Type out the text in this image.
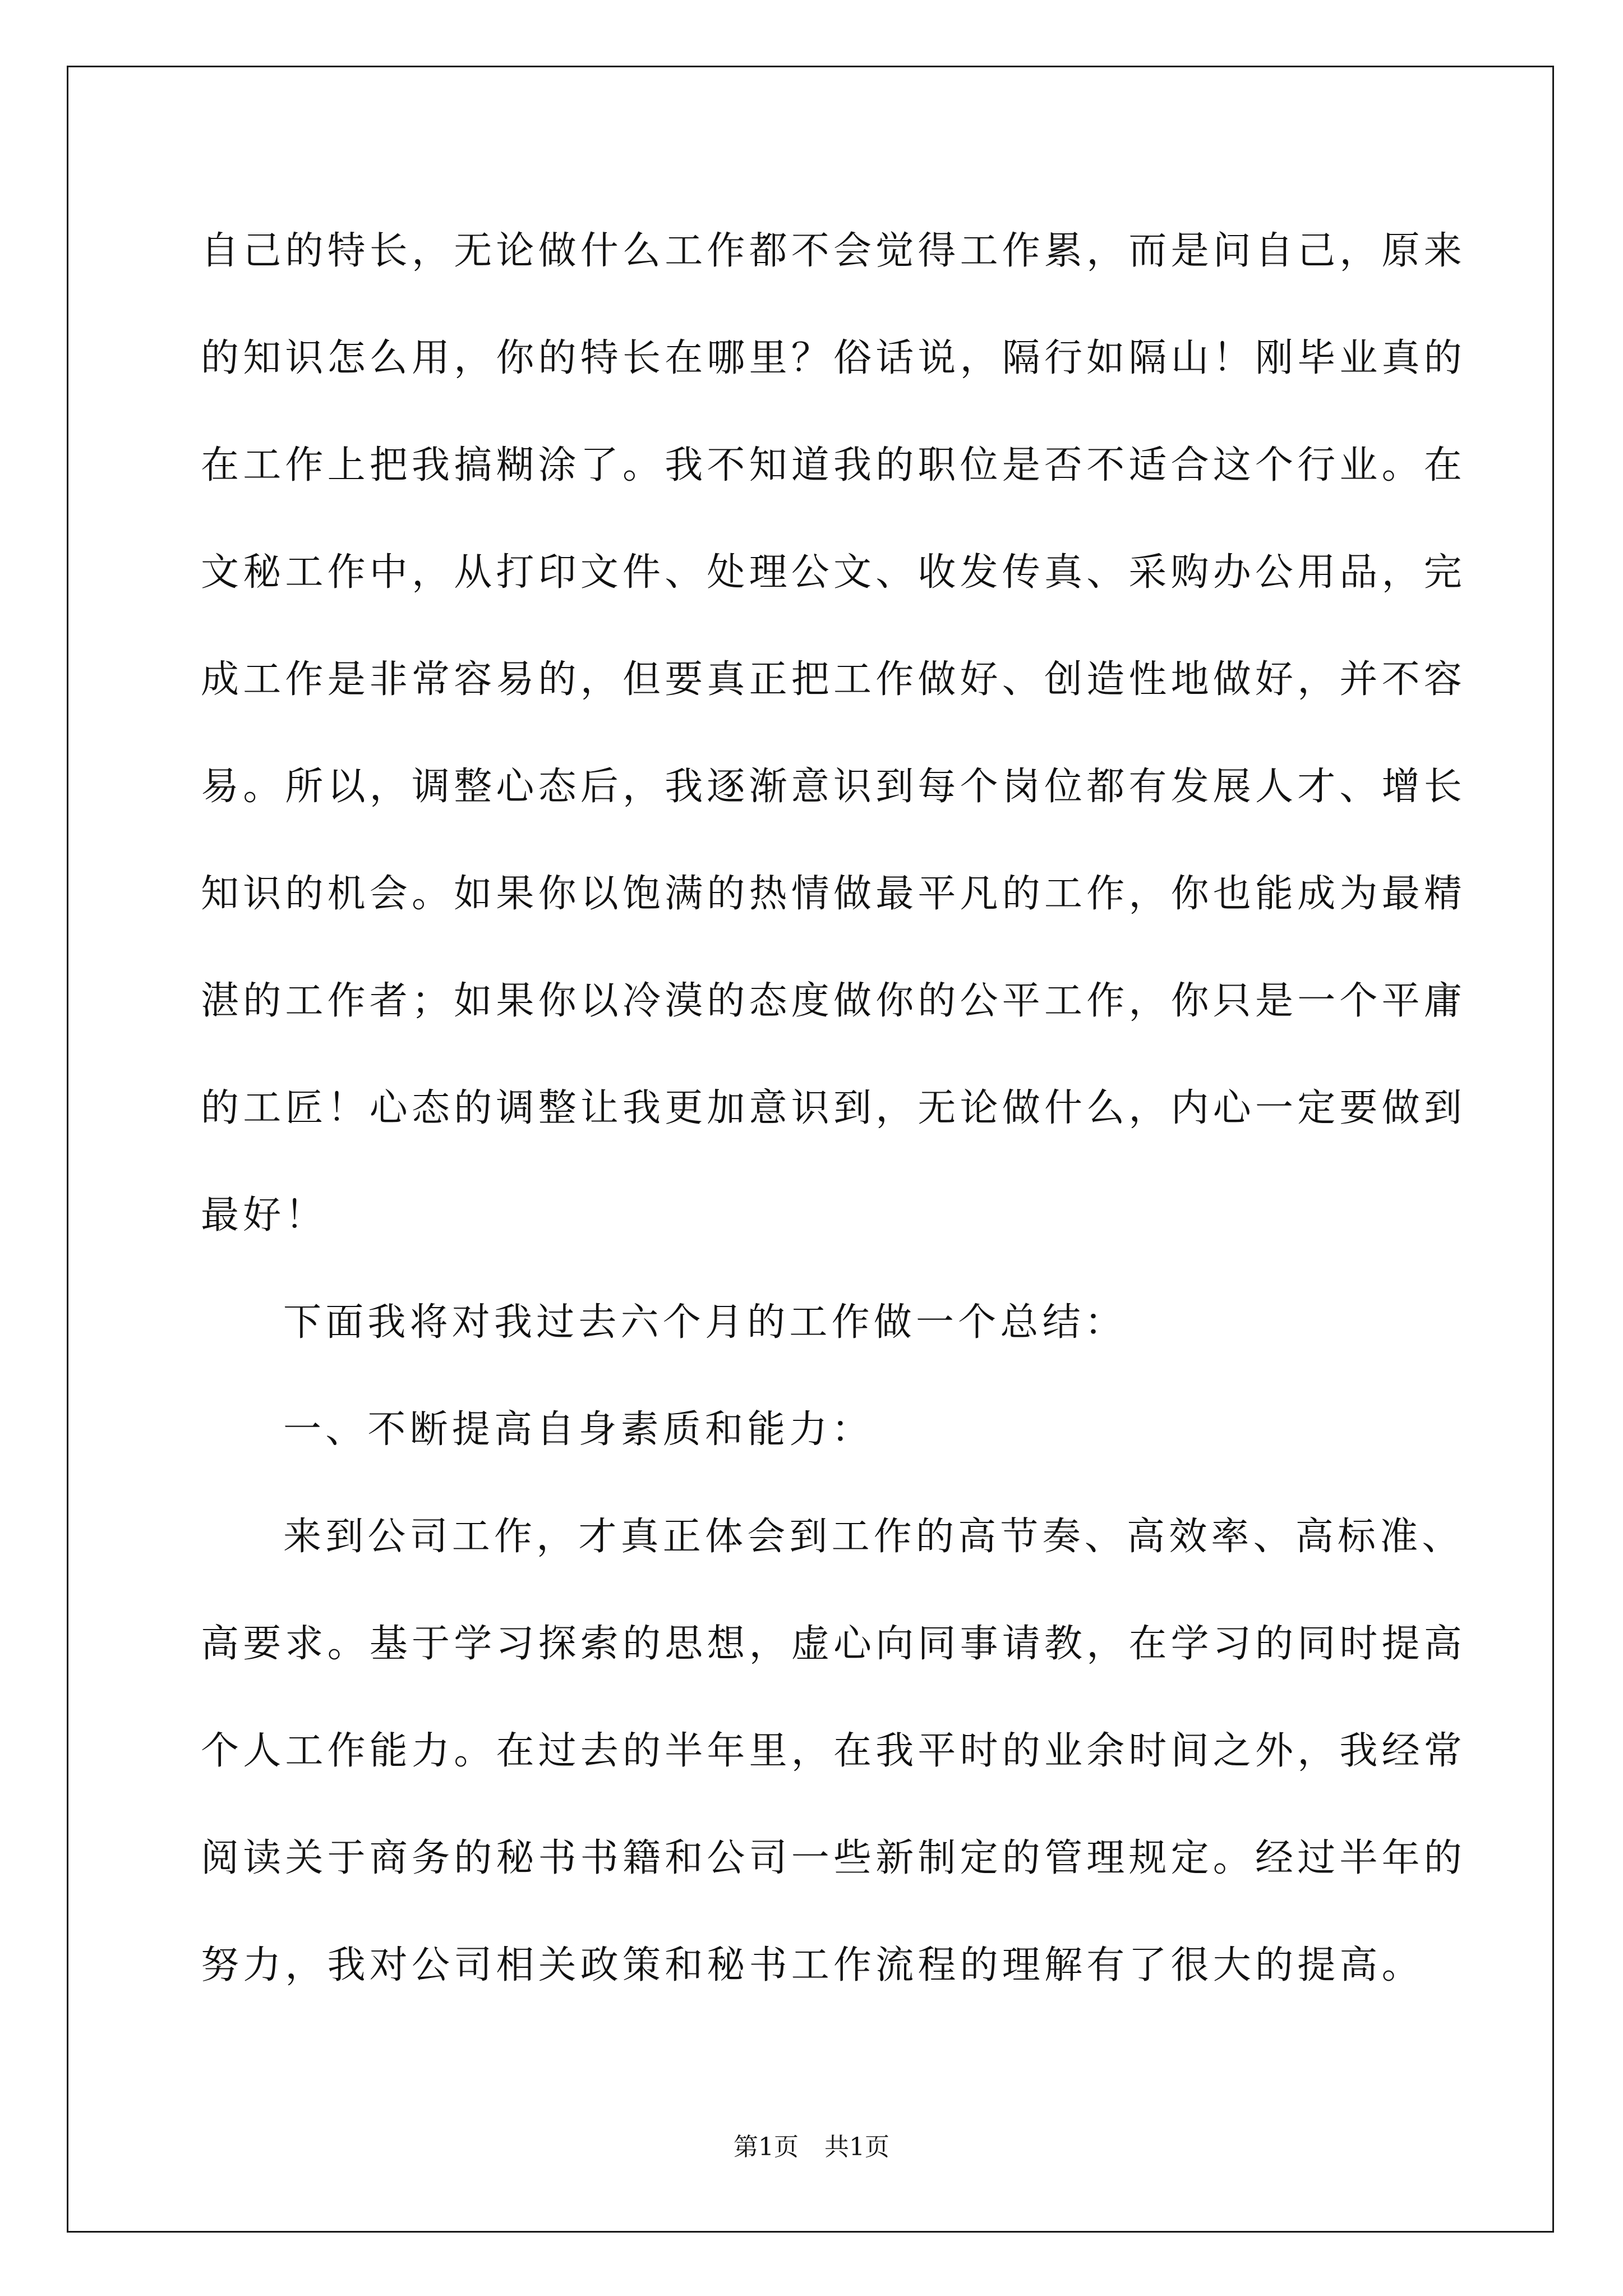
自己的特长，无论做什么工作都不会觉得工作累，而是问自己，原来
的知识怎么用，你的特长在哪里？俗话说，隔行如隔山！刚毕业真的
在工作上把我搞糊涂了。我不知道我的职位是否不适合这个行业。在
文秘工作中，从打印文件、处理公文、收发传真、采购办公用品，完
成工作是非常容易的，但要真正把工作做好、创造性地做好，并不容
易。所以，调整心态后，我逐渐意识到每个岗位都有发展人才、增长
知识的机会。如果你以饱满的热情做最平凡的工作，你也能成为最精
湛的工作者；如果你以冷漠的态度做你的公平工作，你只是一个平庸
的工匠！心态的调整让我更加意识到，无论做什么，内心一定要做到
最好！
下面我将对我过去六个月的工作做一个总结：
一、不断提高自身素质和能力：
来到公司工作，才真正体会到工作的高节奏、高效率、高标准、
高要求。基于学习探索的思想，虚心向同事请教，在学习的同时提高
个人工作能力。在过去的半年里，在我平时的业余时间之外，我经常
阅读关于商务的秘书书籍和公司一些新制定的管理规定。经过半年的
努力，我对公司相关政策和秘书工作流程的理解有了很大的提高。
第1页 共1页
